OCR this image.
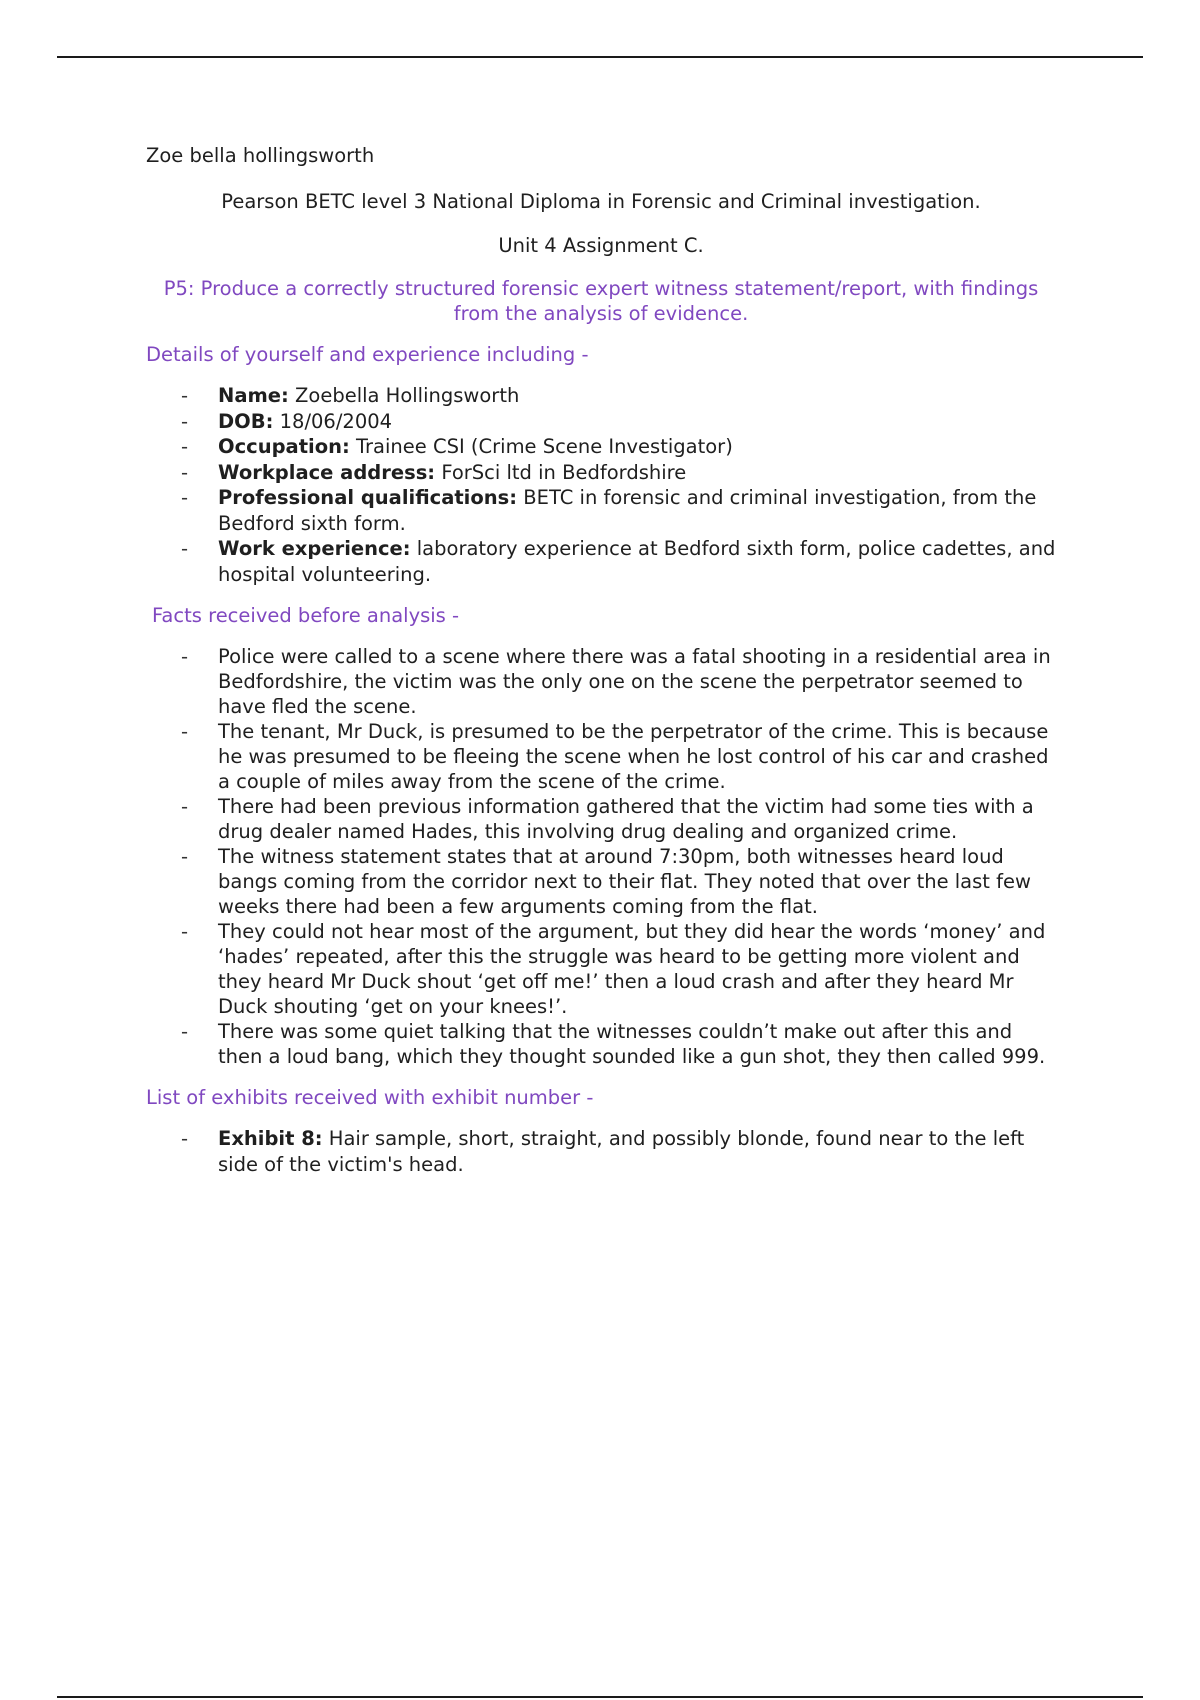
Zoe bella hollingsworth

Pearson BETC level 3 National Diploma in Forensic and Criminal investigation.

Unit 4 Assignment C.

P5: Produce a correctly structured forensic expert witness statement/report, with findings from the analysis of evidence.

Details of yourself and experience including -

- Name: Zoebella Hollingsworth
- DOB: 18/06/2004
- Occupation: Trainee CSI (Crime Scene Investigator)
- Workplace address: ForSci ltd in Bedfordshire
- Professional qualifications: BETC in forensic and criminal investigation, from the Bedford sixth form.
- Work experience: laboratory experience at Bedford sixth form, police cadettes, and hospital volunteering.

Facts received before analysis -

- Police were called to a scene where there was a fatal shooting in a residential area in Bedfordshire, the victim was the only one on the scene the perpetrator seemed to have fled the scene.
- The tenant, Mr Duck, is presumed to be the perpetrator of the crime. This is because he was presumed to be fleeing the scene when he lost control of his car and crashed a couple of miles away from the scene of the crime.
- There had been previous information gathered that the victim had some ties with a drug dealer named Hades, this involving drug dealing and organized crime.
- The witness statement states that at around 7:30pm, both witnesses heard loud bangs coming from the corridor next to their flat. They noted that over the last few weeks there had been a few arguments coming from the flat.
- They could not hear most of the argument, but they did hear the words ‘money’ and ‘hades’ repeated, after this the struggle was heard to be getting more violent and they heard Mr Duck shout ‘get off me!’ then a loud crash and after they heard Mr Duck shouting ‘get on your knees!’.
- There was some quiet talking that the witnesses couldn’t make out after this and then a loud bang, which they thought sounded like a gun shot, they then called 999.

List of exhibits received with exhibit number -

- Exhibit 8: Hair sample, short, straight, and possibly blonde, found near to the left side of the victim's head.
